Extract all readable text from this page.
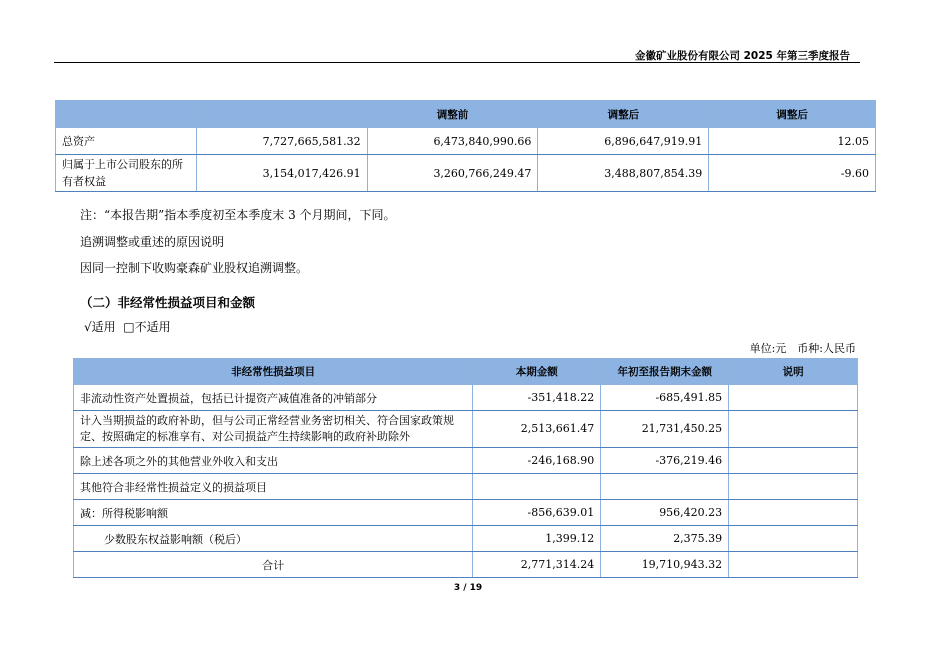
金徽矿业股份有限公司 2025 年第三季度报告
		调整前	调整后	调整后
总资产	7,727,665,581.32	6,473,840,990.66	6,896,647,919.91	12.05
归属于上市公司股东的所有者权益	3,154,017,426.91	3,260,766,249.47	3,488,807,854.39	-9.60
注：“本报告期”指本季度初至本季度末 3 个月期间，下同。
追溯调整或重述的原因说明
因同一控制下收购豪森矿业股权追溯调整。
（二）非经常性损益项目和金额
√适用 □不适用
单位:元　币种:人民币
非经常性损益项目	本期金额	年初至报告期末金额	说明
非流动性资产处置损益，包括已计提资产减值准备的冲销部分	-351,418.22	-685,491.85	
计入当期损益的政府补助，但与公司正常经营业务密切相关、符合国家政策规定、按照确定的标准享有、对公司损益产生持续影响的政府补助除外	2,513,661.47	21,731,450.25	
除上述各项之外的其他营业外收入和支出	-246,168.90	-376,219.46	
其他符合非经常性损益定义的损益项目			
减：所得税影响额	-856,639.01	956,420.23	
少数股东权益影响额（税后）	1,399.12	2,375.39	
合计	2,771,314.24	19,710,943.32	
3 / 19
